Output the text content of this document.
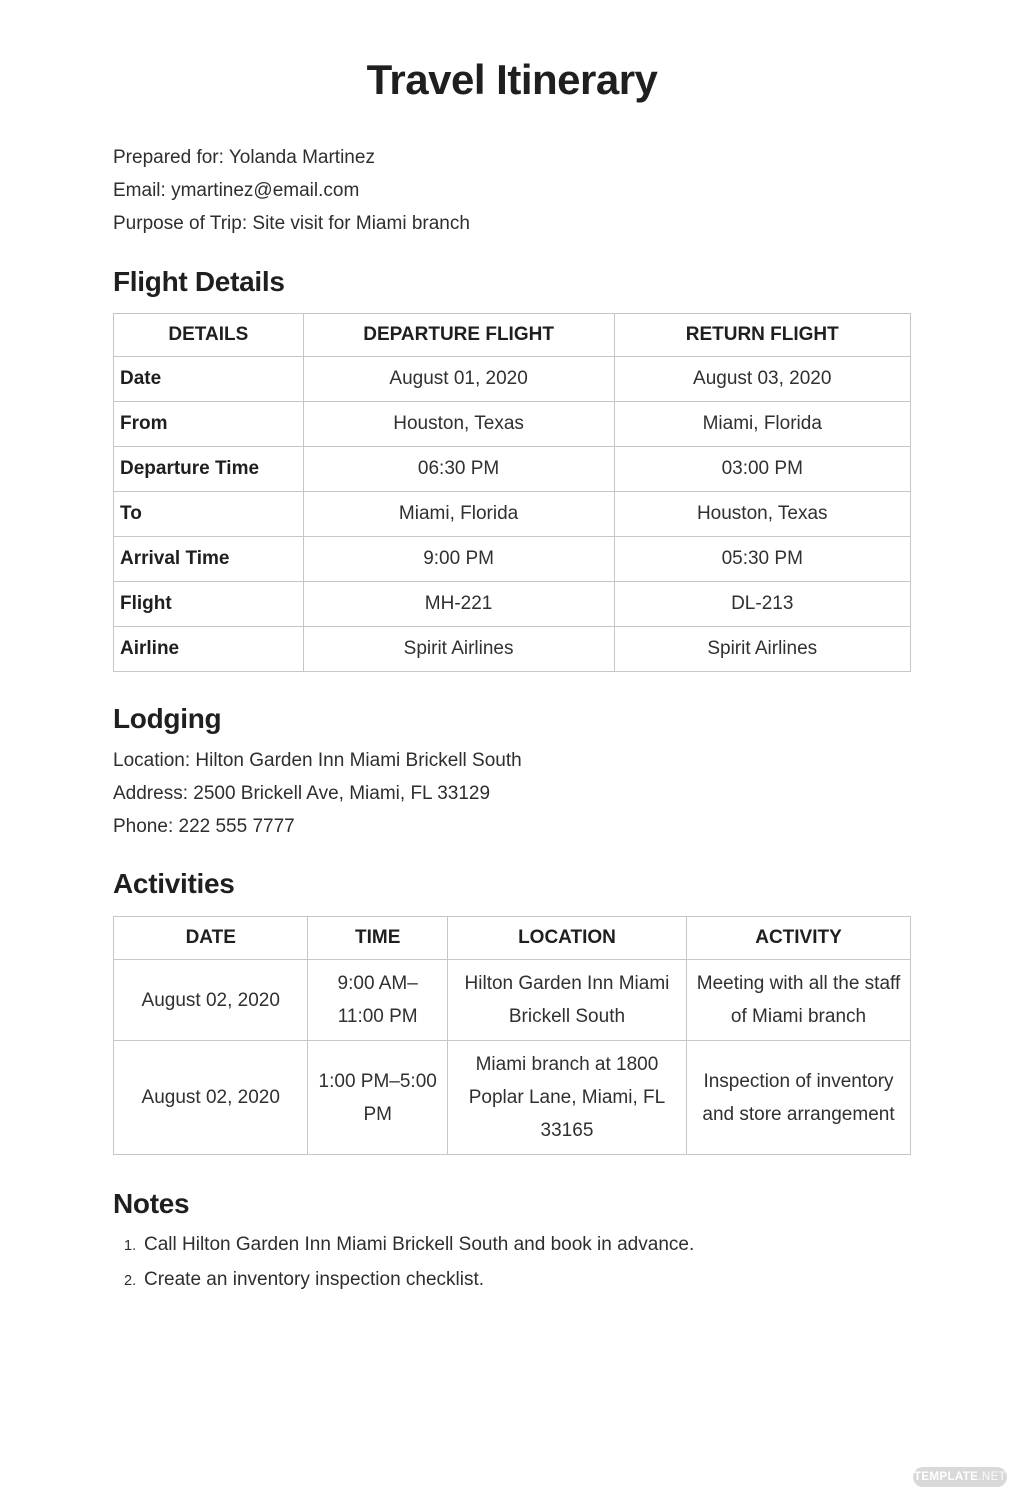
Travel Itinerary
Prepared for: Yolanda Martinez
Email: ymartinez@email.com
Purpose of Trip: Site visit for Miami branch
Flight Details
DETAILS	DEPARTURE FLIGHT	RETURN FLIGHT
Date	August 01, 2020	August 03, 2020
From	Houston, Texas	Miami, Florida
Departure Time	06:30 PM	03:00 PM
To	Miami, Florida	Houston, Texas
Arrival Time	9:00 PM	05:30 PM
Flight	MH-221	DL-213
Airline	Spirit Airlines	Spirit Airlines
Lodging
Location: Hilton Garden Inn Miami Brickell South
Address: 2500 Brickell Ave, Miami, FL 33129
Phone: 222 555 7777
Activities
DATE	TIME	LOCATION	ACTIVITY
August 02, 2020	9:00 AM–11:00 PM	Hilton Garden Inn Miami Brickell South	Meeting with all the staff of Miami branch
August 02, 2020	1:00 PM–5:00 PM	Miami branch at 1800 Poplar Lane, Miami, FL 33165	Inspection of inventory and store arrangement
Notes
1. Call Hilton Garden Inn Miami Brickell South and book in advance.
2. Create an inventory inspection checklist.
TEMPLATE.NET
